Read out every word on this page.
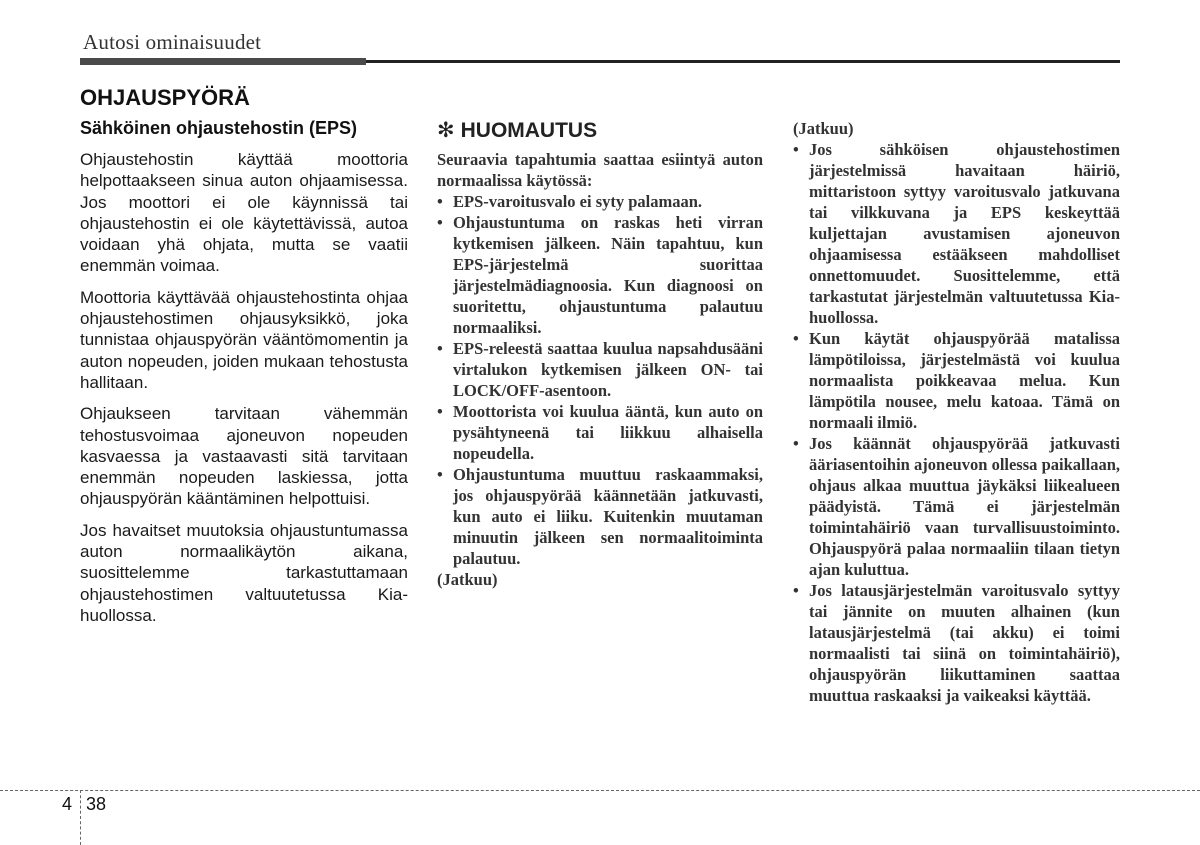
Autosi ominaisuudet
OHJAUSPYÖRÄ
Sähköinen ohjaustehostin (EPS)

Ohjaustehostin käyttää moottoria helpottaakseen sinua auton ohjaamisessa. Jos moottori ei ole käynnissä tai ohjaustehostin ei ole käytettävissä, autoa voidaan yhä ohjata, mutta se vaatii enemmän voimaa.

Moottoria käyttävää ohjaustehostinta ohjaa ohjaustehostimen ohjausyksikkö, joka tunnistaa ohjauspyörän vääntömomentin ja auton nopeuden, joiden mukaan tehostusta hallitaan.

Ohjaukseen tarvitaan vähemmän tehostusvoimaa ajoneuvon nopeuden kasvaessa ja vastaavasti sitä tarvitaan enemmän nopeuden laskiessa, jotta ohjauspyörän kääntäminen helpottuisi.

Jos havaitset muutoksia ohjaustuntumassa auton normaalikäytön aikana, suosittelemme tarkastuttamaan ohjaustehostimen valtuutetussa Kia-huollossa.

✻ HUOMAUTUS

Seuraavia tapahtumia saattaa esiintyä auton normaalissa käytössä:

• EPS-varoitusvalo ei syty palamaan.
• Ohjaustuntuma on raskas heti virran kytkemisen jälkeen. Näin tapahtuu, kun EPS-järjestelmä suorittaa järjestelmädiagnoosia. Kun diagnoosi on suoritettu, ohjaustuntuma palautuu normaaliksi.
• EPS-releestä saattaa kuulua napsahdusääni virtalukon kytkemisen jälkeen ON- tai LOCK/OFF-asentoon.
• Moottorista voi kuulua ääntä, kun auto on pysähtyneenä tai liikkuu alhaisella nopeudella.
• Ohjaustuntuma muuttuu raskaammaksi, jos ohjauspyörää käännetään jatkuvasti, kun auto ei liiku. Kuitenkin muutaman minuutin jälkeen sen normaalitoiminta palautuu.

(Jatkuu)

(Jatkuu)

• Jos sähköisen ohjaustehostimen järjestelmissä havaitaan häiriö, mittaristoon syttyy varoitusvalo jatkuvana tai vilkkuvana ja EPS keskeyttää kuljettajan avustamisen ajoneuvon ohjaamisessa estääkseen mahdolliset onnettomuudet. Suosittelemme, että tarkastutat järjestelmän valtuutetussa Kia-huollossa.
• Kun käytät ohjauspyörää matalissa lämpötiloissa, järjestelmästä voi kuulua normaalista poikkeavaa melua. Kun lämpötila nousee, melu katoaa. Tämä on normaali ilmiö.
• Jos käännät ohjauspyörää jatkuvasti ääriasentoihin ajoneuvon ollessa paikallaan, ohjaus alkaa muuttua jäykäksi liikealueen päädyistä. Tämä ei järjestelmän toimintahäiriö vaan turvallisuustoiminto. Ohjauspyörä palaa normaaliin tilaan tietyn ajan kuluttua.
• Jos latausjärjestelmän varoitusvalo syttyy tai jännite on muuten alhainen (kun latausjärjestelmä (tai akku) ei toimi normaalisti tai siinä on toimintahäiriö), ohjauspyörän liikuttaminen saattaa muuttua raskaaksi ja vaikeaksi käyttää.
4 38
